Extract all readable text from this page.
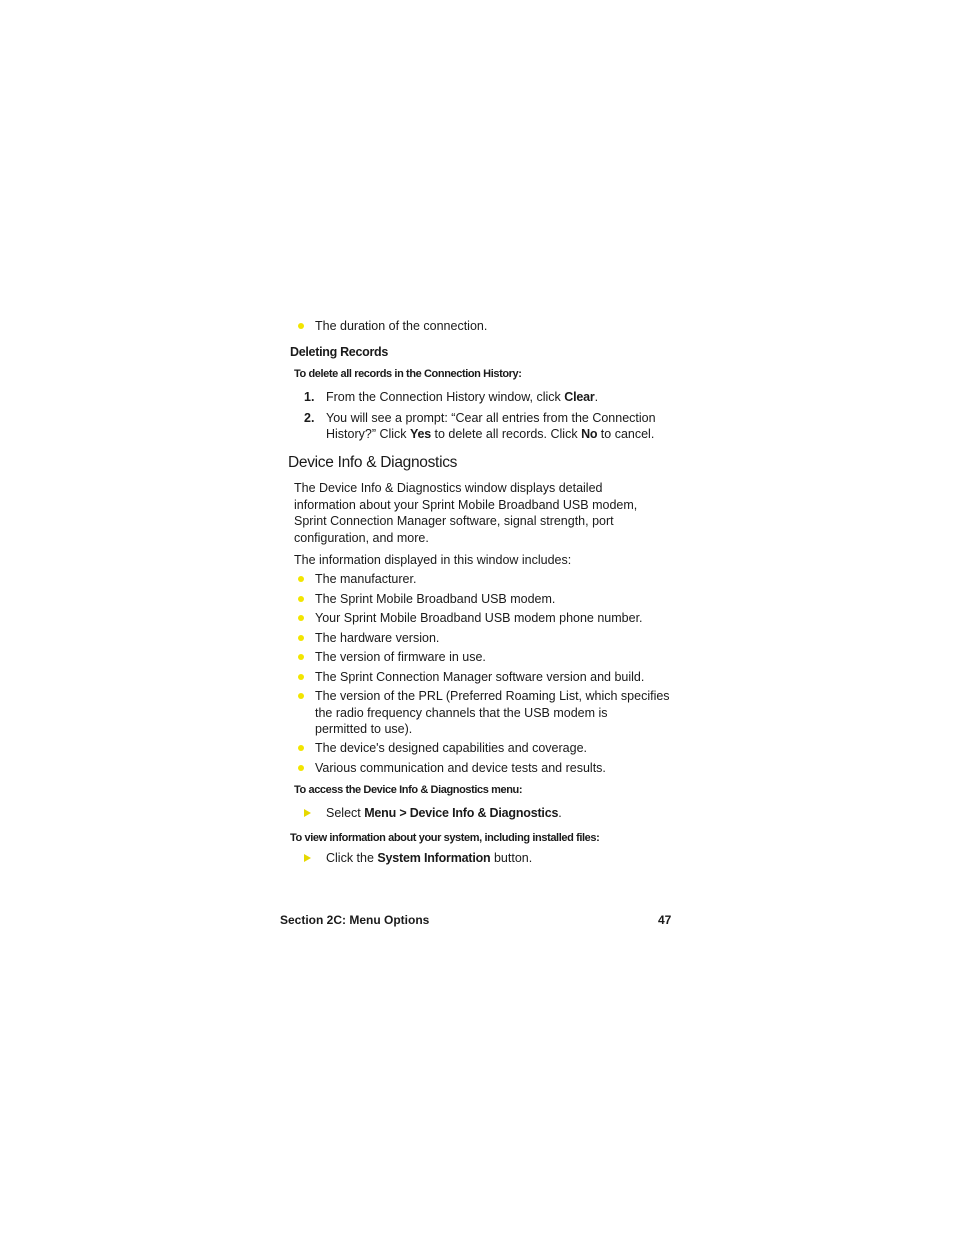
The duration of the connection.
Deleting Records
To delete all records in the Connection History:
1. From the Connection History window, click Clear.
2. You will see a prompt: “Cear all entries from the Connection
History?” Click Yes to delete all records. Click No to cancel.
Device Info & Diagnostics
The Device Info & Diagnostics window displays detailed
information about your Sprint Mobile Broadband USB modem,
Sprint Connection Manager software, signal strength, port
configuration, and more.
The information displayed in this window includes:
The manufacturer.
The Sprint Mobile Broadband USB modem.
Your Sprint Mobile Broadband USB modem phone number.
The hardware version.
The version of firmware in use.
The Sprint Connection Manager software version and build.
The version of the PRL (Preferred Roaming List, which specifies
the radio frequency channels that the USB modem is
permitted to use).
The device's designed capabilities and coverage.
Various communication and device tests and results.
To access the Device Info & Diagnostics menu:
Select Menu > Device Info & Diagnostics.
To view information about your system, including installed files:
Click the System Information button.
Section 2C: Menu Options	47
